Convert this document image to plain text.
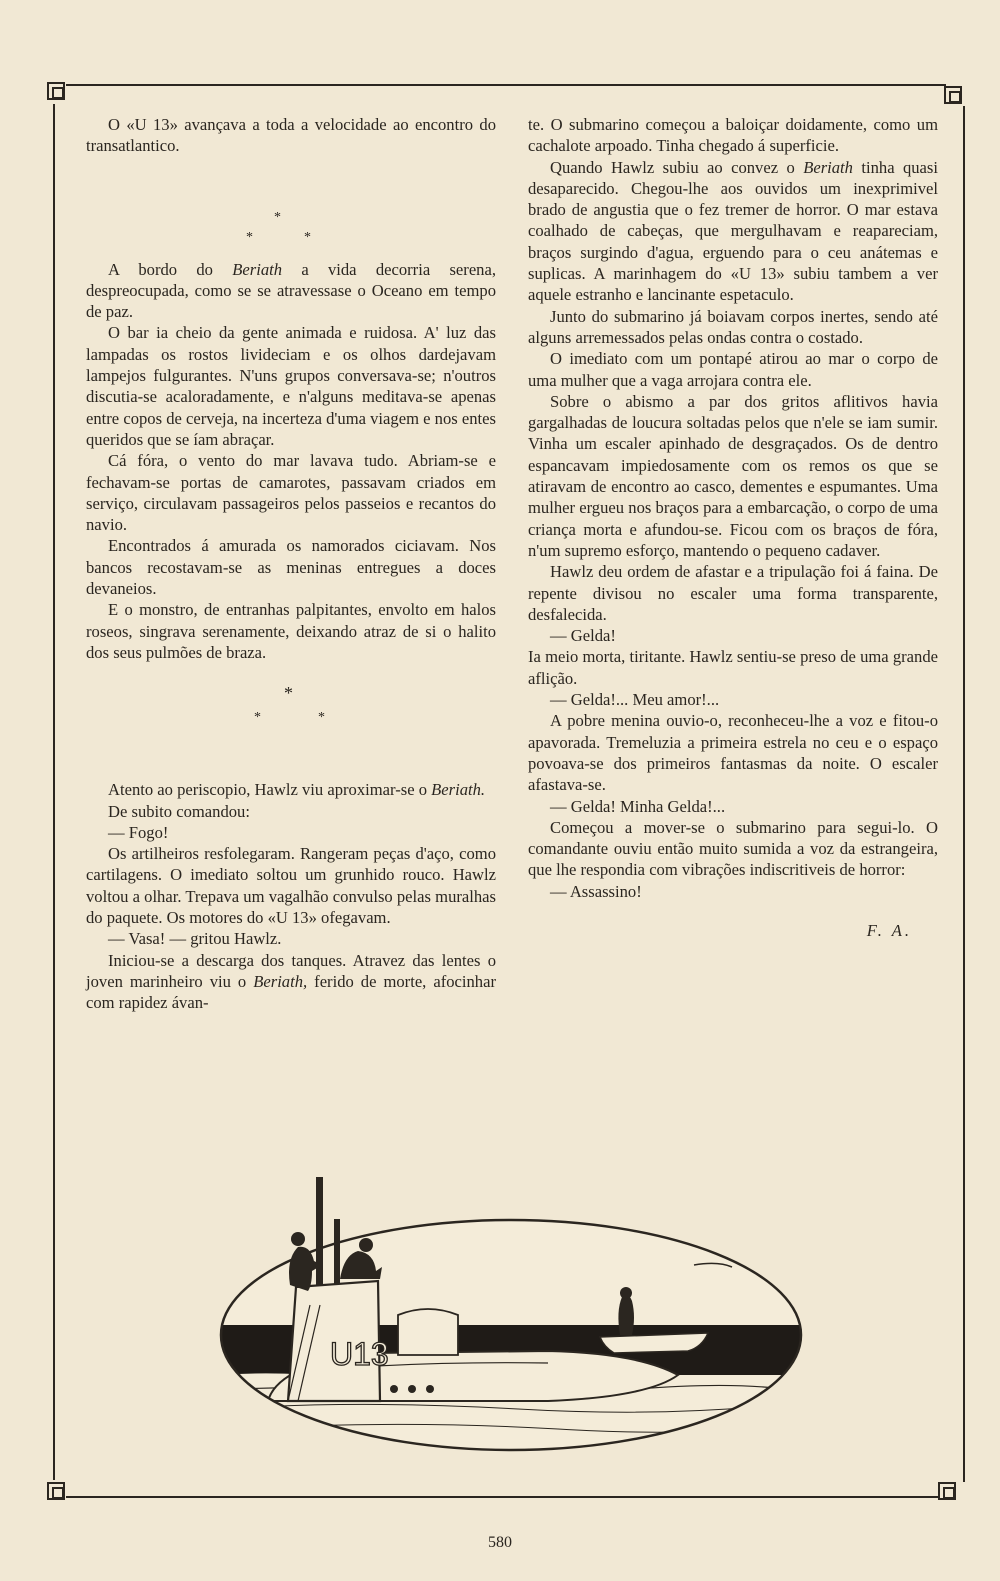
O «U 13» avançava a toda a velocidade ao encontro do transatlantico.

*
*	*

A bordo do Beriath a vida decorria serena, despreocupada, como se se atravessase o Oceano em tempo de paz.

O bar ia cheio da gente animada e ruidosa. A' luz das lampadas os rostos livideciam e os olhos dardejavam lampejos fulgurantes. N'uns grupos conversava-se; n'outros discutia-se acaloradamente, e n'alguns meditava-se apenas entre copos de cerveja, na incerteza d'uma viagem e nos entes queridos que se íam abraçar.

Cá fóra, o vento do mar lavava tudo. Abriam-se e fechavam-se portas de camarotes, passavam criados em serviço, circulavam passageiros pelos passeios e recantos do navio.

Encontrados á amurada os namorados ciciavam. Nos bancos recostavam-se as meninas entregues a doces devaneios.

E o monstro, de entranhas palpitantes, envolto em halos roseos, singrava serenamente, deixando atraz de si o halito dos seus pulmões de braza.

*
*	*

Atento ao periscopio, Hawlz viu aproximar-se o Beriath.

De subito comandou:

— Fogo!

Os artilheiros resfolegaram. Rangeram peças d'aço, como cartilagens. O imediato soltou um grunhido rouco. Hawlz voltou a olhar. Trepava um vagalhão convulso pelas muralhas do paquete. Os motores do «U 13» ofegavam.

— Vasa! — gritou Hawlz.

Iniciou-se a descarga dos tanques. Atravez das lentes o joven marinheiro viu o Beriath, ferido de morte, afocinhar com rapidez ávan-

te. O submarino começou a baloiçar doidamente, como um cachalote arpoado. Tinha chegado á superficie.

Quando Hawlz subiu ao convez o Beriath tinha quasi desaparecido. Chegou-lhe aos ouvidos um inexprimivel brado de angustia que o fez tremer de horror. O mar estava coalhado de cabeças, que mergulhavam e reapareciam, braços surgindo d'agua, erguendo para o ceu anátemas e suplicas. A marinhagem do «U 13» subiu tambem a ver aquele estranho e lancinante espetaculo.

Junto do submarino já boiavam corpos inertes, sendo até alguns arremessados pelas ondas contra o costado.

O imediato com um pontapé atirou ao mar o corpo de uma mulher que a vaga arrojara contra ele.

Sobre o abismo a par dos gritos aflitivos havia gargalhadas de loucura soltadas pelos que n'ele se iam sumir. Vinha um escaler apinhado de desgraçados. Os de dentro espancavam impiedosamente com os remos os que se atiravam de encontro ao casco, dementes e espumantes. Uma mulher ergueu nos braços para a embarcação, o corpo de uma criança morta e afundou-se. Ficou com os braços de fóra, n'um supremo esforço, mantendo o pequeno cadaver.

Hawlz deu ordem de afastar e a tripulação foi á faina. De repente divisou no escaler uma forma transparente, desfalecida.

— Gelda!

Ia meio morta, tiritante. Hawlz sentiu-se preso de uma grande aflição.

— Gelda!... Meu amor!...

A pobre menina ouvio-o, reconheceu-lhe a voz e fitou-o apavorada. Tremeluzia a primeira estrela no ceu e o espaço povoava-se dos primeiros fantasmas da noite. O escaler afastava-se.

— Gelda! Minha Gelda!...

Começou a mover-se o submarino para segui-lo. O comandante ouviu então muito sumida a voz da estrangeira, que lhe respondia com vibrações indiscritiveis de horror:

— Assassino!

F. A.
U13
580
